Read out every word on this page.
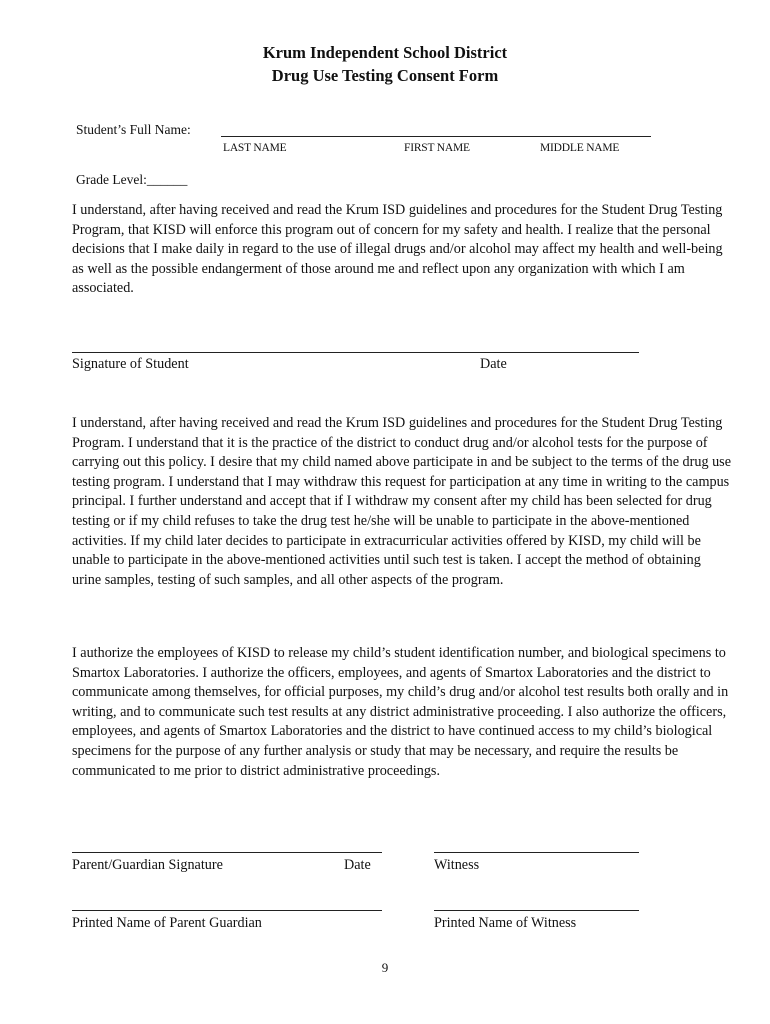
Krum Independent School District
Drug Use Testing Consent Form
Student’s Full Name:
LAST NAME	FIRST NAME	MIDDLE NAME
Grade Level:______

I understand, after having received and read the Krum ISD guidelines and procedures for the Student Drug Testing Program, that KISD will enforce this program out of concern for my safety and health. I realize that the personal decisions that I make daily in regard to the use of illegal drugs and/or alcohol may affect my health and well-being as well as the possible endangerment of those around me and reflect upon any organization with which I am associated.

Signature of Student	Date

I understand, after having received and read the Krum ISD guidelines and procedures for the Student Drug Testing Program. I understand that it is the practice of the district to conduct drug and/or alcohol tests for the purpose of carrying out this policy. I desire that my child named above participate in and be subject to the terms of the drug use testing program. I understand that I may withdraw this request for participation at any time in writing to the campus principal. I further understand and accept that if I withdraw my consent after my child has been selected for drug testing or if my child refuses to take the drug test he/she will be unable to participate in the above-mentioned activities. If my child later decides to participate in extracurricular activities offered by KISD, my child will be unable to participate in the above-mentioned activities until such test is taken. I accept the method of obtaining urine samples, testing of such samples, and all other aspects of the program.

I authorize the employees of KISD to release my child’s student identification number, and biological specimens to Smartox Laboratories. I authorize the officers, employees, and agents of Smartox Laboratories and the district to communicate among themselves, for official purposes, my child’s drug and/or alcohol test results both orally and in writing, and to communicate such test results at any district administrative proceeding. I also authorize the officers, employees, and agents of Smartox Laboratories and the district to have continued access to my child’s biological specimens for the purpose of any further analysis or study that may be necessary, and require the results be communicated to me prior to district administrative proceedings.

Parent/Guardian Signature	Date	Witness
Printed Name of Parent Guardian	Printed Name of Witness
9
